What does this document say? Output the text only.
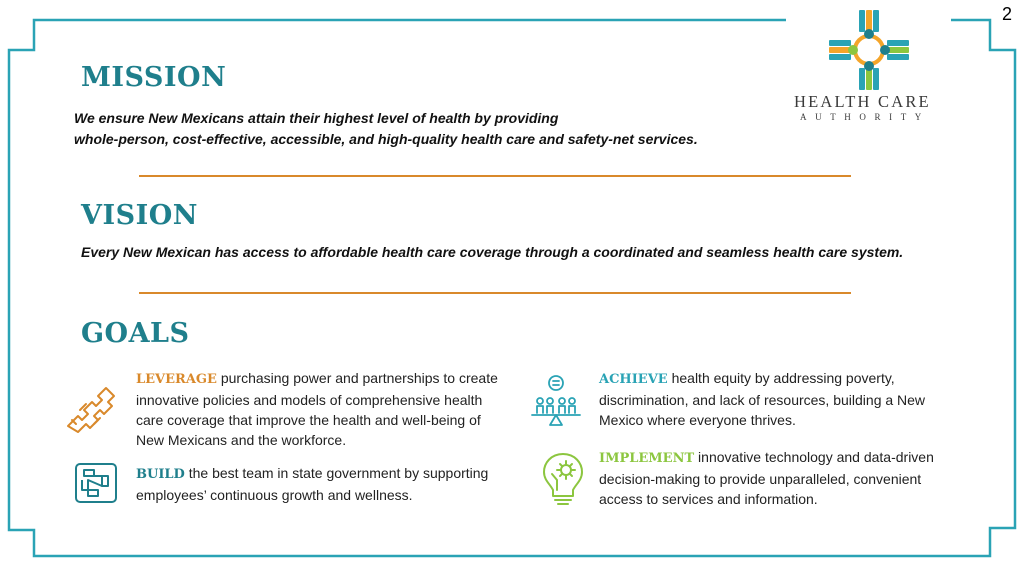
2
HEALTH CARE
AUTHORITY
MISSION
We ensure New Mexicans attain their highest level of health by providing
whole-person, cost-effective, accessible, and high-quality health care and safety-net services.
VISION
Every New Mexican has access to affordable health care coverage through a coordinated and seamless health care system.
GOALS
LEVERAGE purchasing power and partnerships to create innovative policies and models of comprehensive health care coverage that improve the health and well-being of New Mexicans and the workforce.
BUILD the best team in state government by supporting employees’ continuous growth and wellness.
ACHIEVE health equity by addressing poverty, discrimination, and lack of resources, building a New Mexico where everyone thrives.
IMPLEMENT innovative technology and data-driven decision-making to provide unparalleled, convenient access to services and information.
